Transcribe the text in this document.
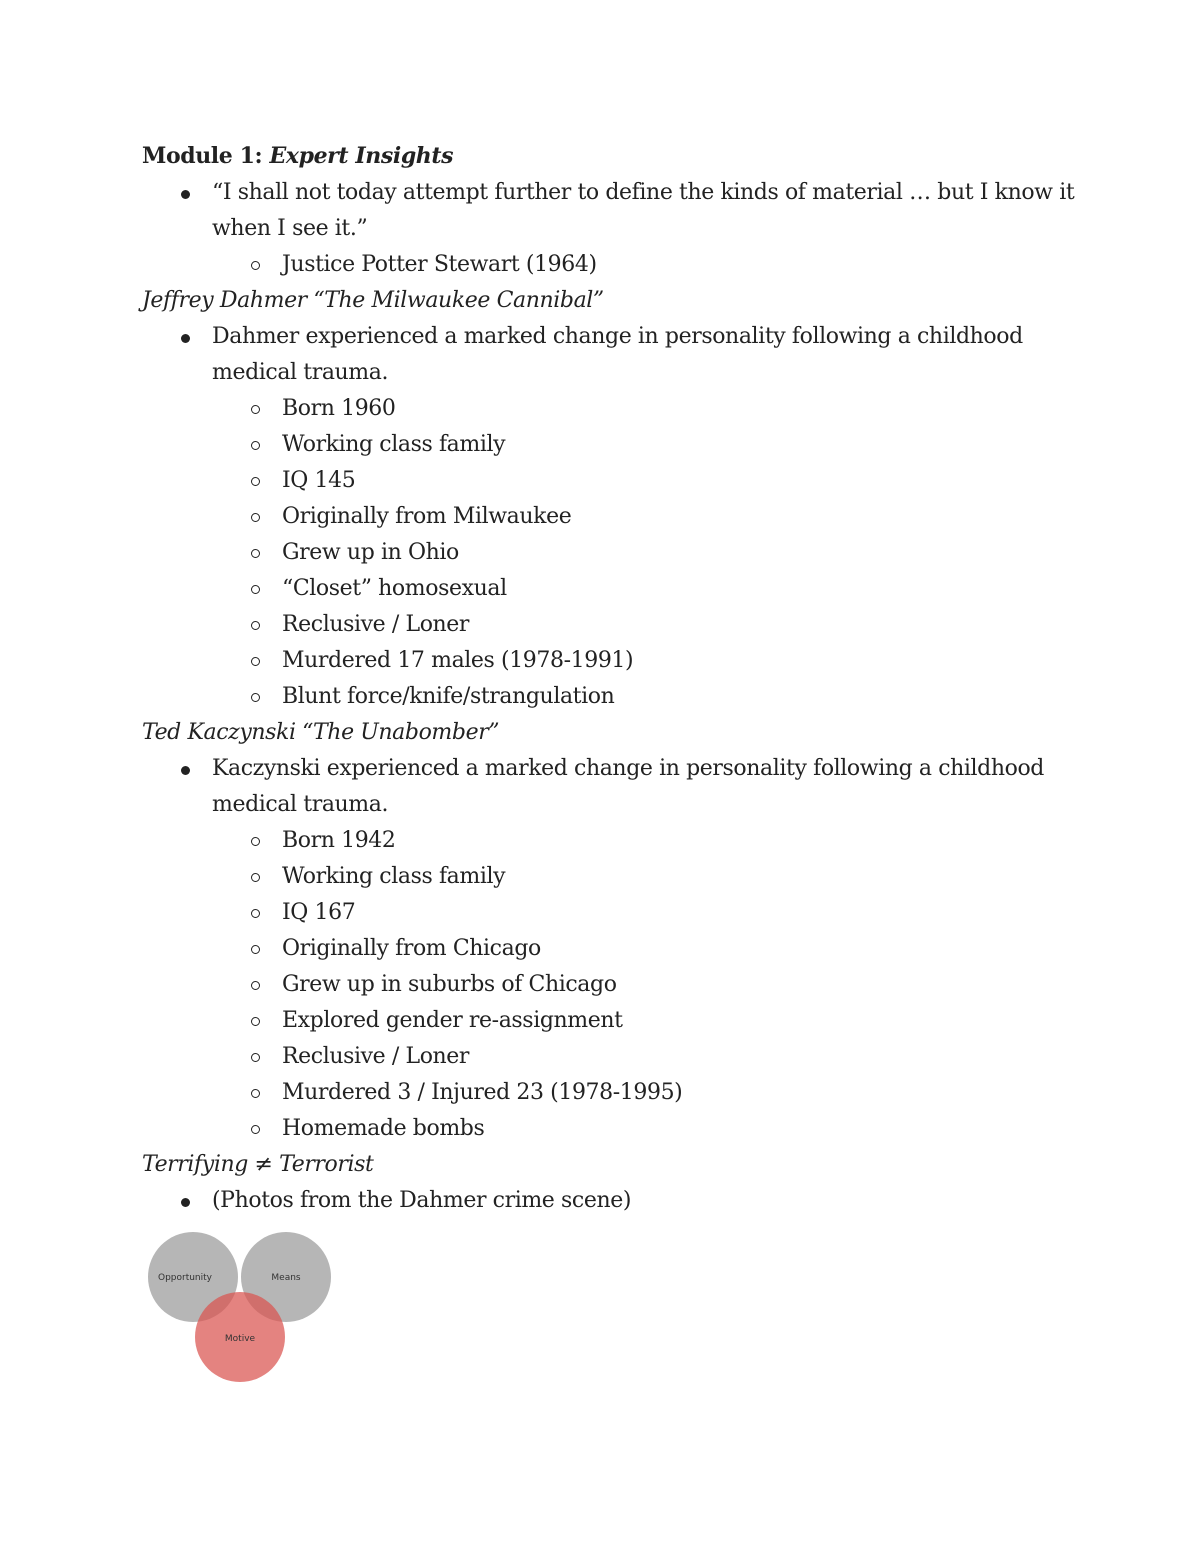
Module 1: Expert Insights

“I shall not today attempt further to define the kinds of material … but I know it when I see it.”
Justice Potter Stewart (1964)

Jeffrey Dahmer “The Milwaukee Cannibal”

Dahmer experienced a marked change in personality following a childhood medical trauma.
Born 1960
Working class family
IQ 145
Originally from Milwaukee
Grew up in Ohio
“Closet” homosexual
Reclusive / Loner
Murdered 17 males (1978-1991)
Blunt force/knife/strangulation

Ted Kaczynski “The Unabomber”

Kaczynski experienced a marked change in personality following a childhood medical trauma.
Born 1942
Working class family
IQ 167
Originally from Chicago
Grew up in suburbs of Chicago
Explored gender re-assignment
Reclusive / Loner
Murdered 3 / Injured 23 (1978-1995)
Homemade bombs

Terrifying ≠ Terrorist

(Photos from the Dahmer crime scene)
Opportunity	Means
Motive
